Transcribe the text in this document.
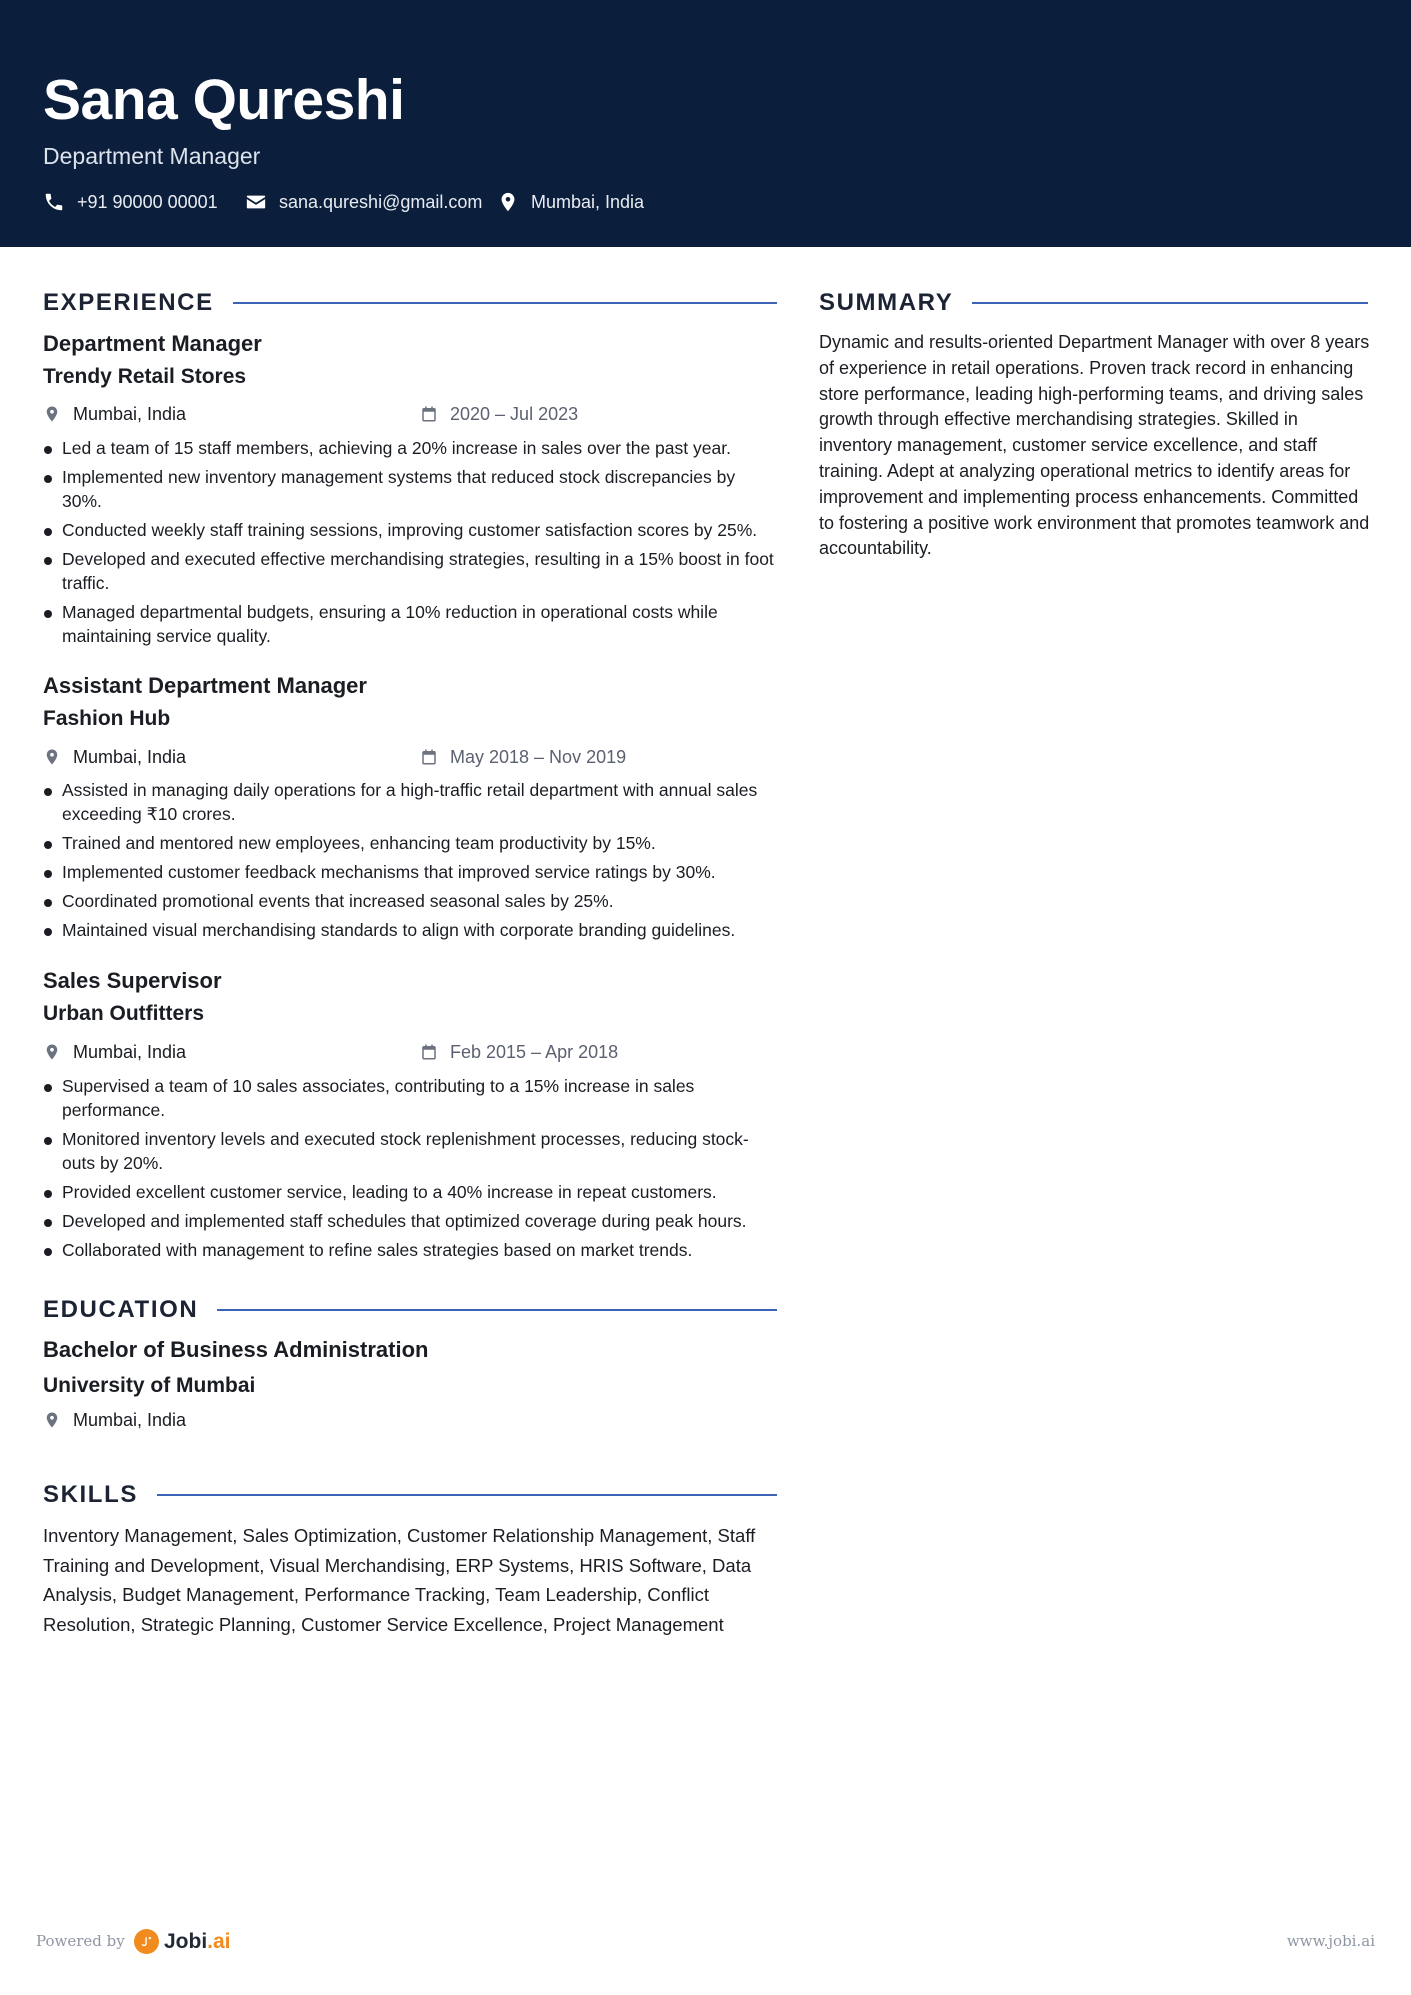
Sana Qureshi
Department Manager
+91 90000 00001	sana.qureshi@gmail.com	Mumbai, India
EXPERIENCE
Department Manager
Trendy Retail Stores
Mumbai, India	2020 – Jul 2023
Led a team of 15 staff members, achieving a 20% increase in sales over the past year.
Implemented new inventory management systems that reduced stock discrepancies by 30%.
Conducted weekly staff training sessions, improving customer satisfaction scores by 25%.
Developed and executed effective merchandising strategies, resulting in a 15% boost in foot traffic.
Managed departmental budgets, ensuring a 10% reduction in operational costs while maintaining service quality.
Assistant Department Manager
Fashion Hub
Mumbai, India	May 2018 – Nov 2019
Assisted in managing daily operations for a high-traffic retail department with annual sales exceeding ₹10 crores.
Trained and mentored new employees, enhancing team productivity by 15%.
Implemented customer feedback mechanisms that improved service ratings by 30%.
Coordinated promotional events that increased seasonal sales by 25%.
Maintained visual merchandising standards to align with corporate branding guidelines.
Sales Supervisor
Urban Outfitters
Mumbai, India	Feb 2015 – Apr 2018
Supervised a team of 10 sales associates, contributing to a 15% increase in sales performance.
Monitored inventory levels and executed stock replenishment processes, reducing stock-outs by 20%.
Provided excellent customer service, leading to a 40% increase in repeat customers.
Developed and implemented staff schedules that optimized coverage during peak hours.
Collaborated with management to refine sales strategies based on market trends.
EDUCATION
Bachelor of Business Administration
University of Mumbai
Mumbai, India
SKILLS
Inventory Management, Sales Optimization, Customer Relationship Management, Staff Training and Development, Visual Merchandising, ERP Systems, HRIS Software, Data Analysis, Budget Management, Performance Tracking, Team Leadership, Conflict Resolution, Strategic Planning, Customer Service Excellence, Project Management
SUMMARY
Dynamic and results-oriented Department Manager with over 8 years of experience in retail operations. Proven track record in enhancing store performance, leading high-performing teams, and driving sales growth through effective merchandising strategies. Skilled in inventory management, customer service excellence, and staff training. Adept at analyzing operational metrics to identify areas for improvement and implementing process enhancements. Committed to fostering a positive work environment that promotes teamwork and accountability.
Powered by Jobi.ai	www.jobi.ai
